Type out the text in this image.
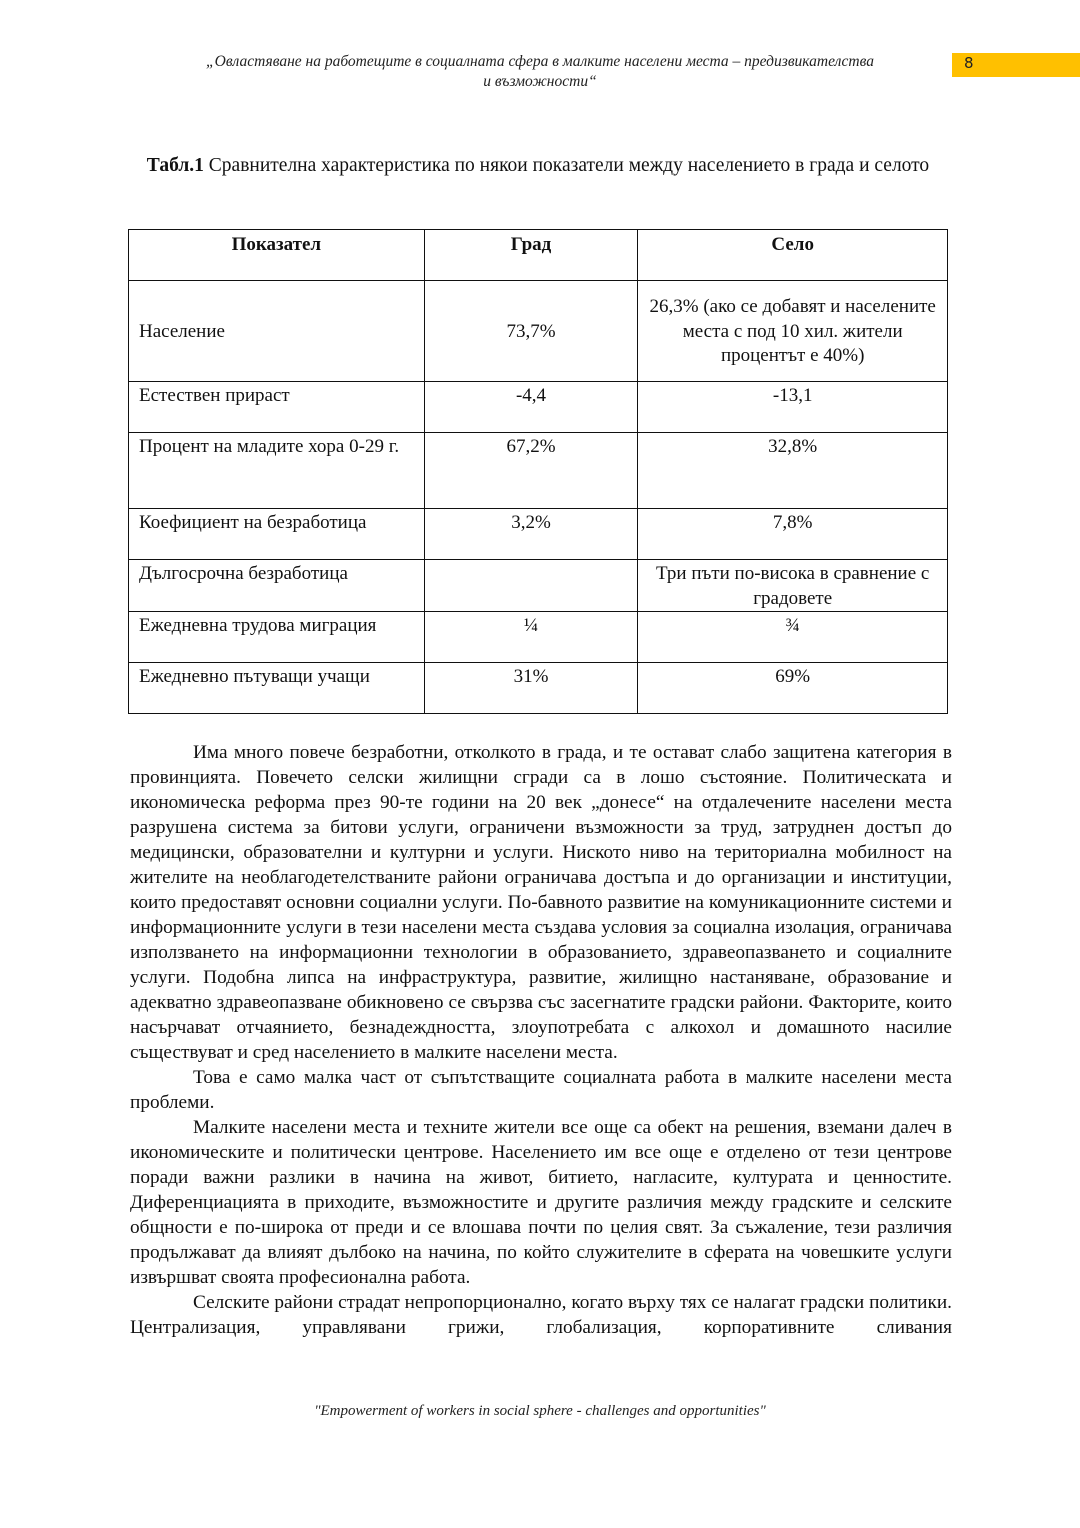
„Овластяване на работещите в социалната сфера в малките населени места – предизвикателства
и възможности“
8
Табл.1 Сравнителна характеристика по някои показатели между населението в града и селото
Показател	Град	Село
Население	73,7%	26,3% (ако се добавят и населените места с под 10 хил. жители процентът е 40%)
Естествен прираст	-4,4	-13,1
Процент на младите хора 0-29 г.	67,2%	32,8%
Коефициент на безработица	3,2%	7,8%
Дългосрочна безработица		Три пъти по-висока в сравнение с градовете
Ежедневна трудова миграция	¼	¾
Ежедневно пътуващи учащи	31%	69%

Има много повече безработни, отколкото в града, и те остават слабо защитена категория в провинцията. Повечето селски жилищни сгради са в лошо състояние. Политическата и икономическа реформа през 90-те години на 20 век „донесе“ на отдалечените населени места разрушена система за битови услуги, ограничени възможности за труд, затруднен достъп до медицински, образователни и културни и услуги. Ниското ниво на териториална мобилност на жителите на необлагодетелстваните райони ограничава достъпа и до организации и институции, които предоставят основни социални услуги. По-бавното развитие на комуникационните системи и информационните услуги в тези населени места създава условия за социална изолация, ограничава използването на информационни технологии в образованието, здравеопазването и социалните услуги. Подобна липса на инфраструктура, развитие, жилищно настаняване, образование и адекватно здравеопазване обикновено се свързва със засегнатите градски райони. Факторите, които насърчават отчаянието, безнадеждността, злоупотребата с алкохол и домашното насилие съществуват и сред населението в малките населени места.

Това е само малка част от съпътстващите социалната работа в малките населени места проблеми.

Малките населени места и техните жители все още са обект на решения, вземани далеч в икономическите и политически центрове. Населението им все още е отделено от тези центрове поради важни разлики в начина на живот, битието, нагласите, културата и ценностите. Диференциацията в приходите, възможностите и другите различия между градските и селските общности е по-широка от преди и се влошава почти по целия свят. За съжаление, тези различия продължават да влияят дълбоко на начина, по който служителите в сферата на човешките услуги извършват своята професионална работа.

Селските райони страдат непропорционално, когато върху тях се налагат градски политики. Централизация, управлявани грижи, глобализация, корпоративните сливания

"Empowerment of workers in social sphere - challenges and opportunities"
